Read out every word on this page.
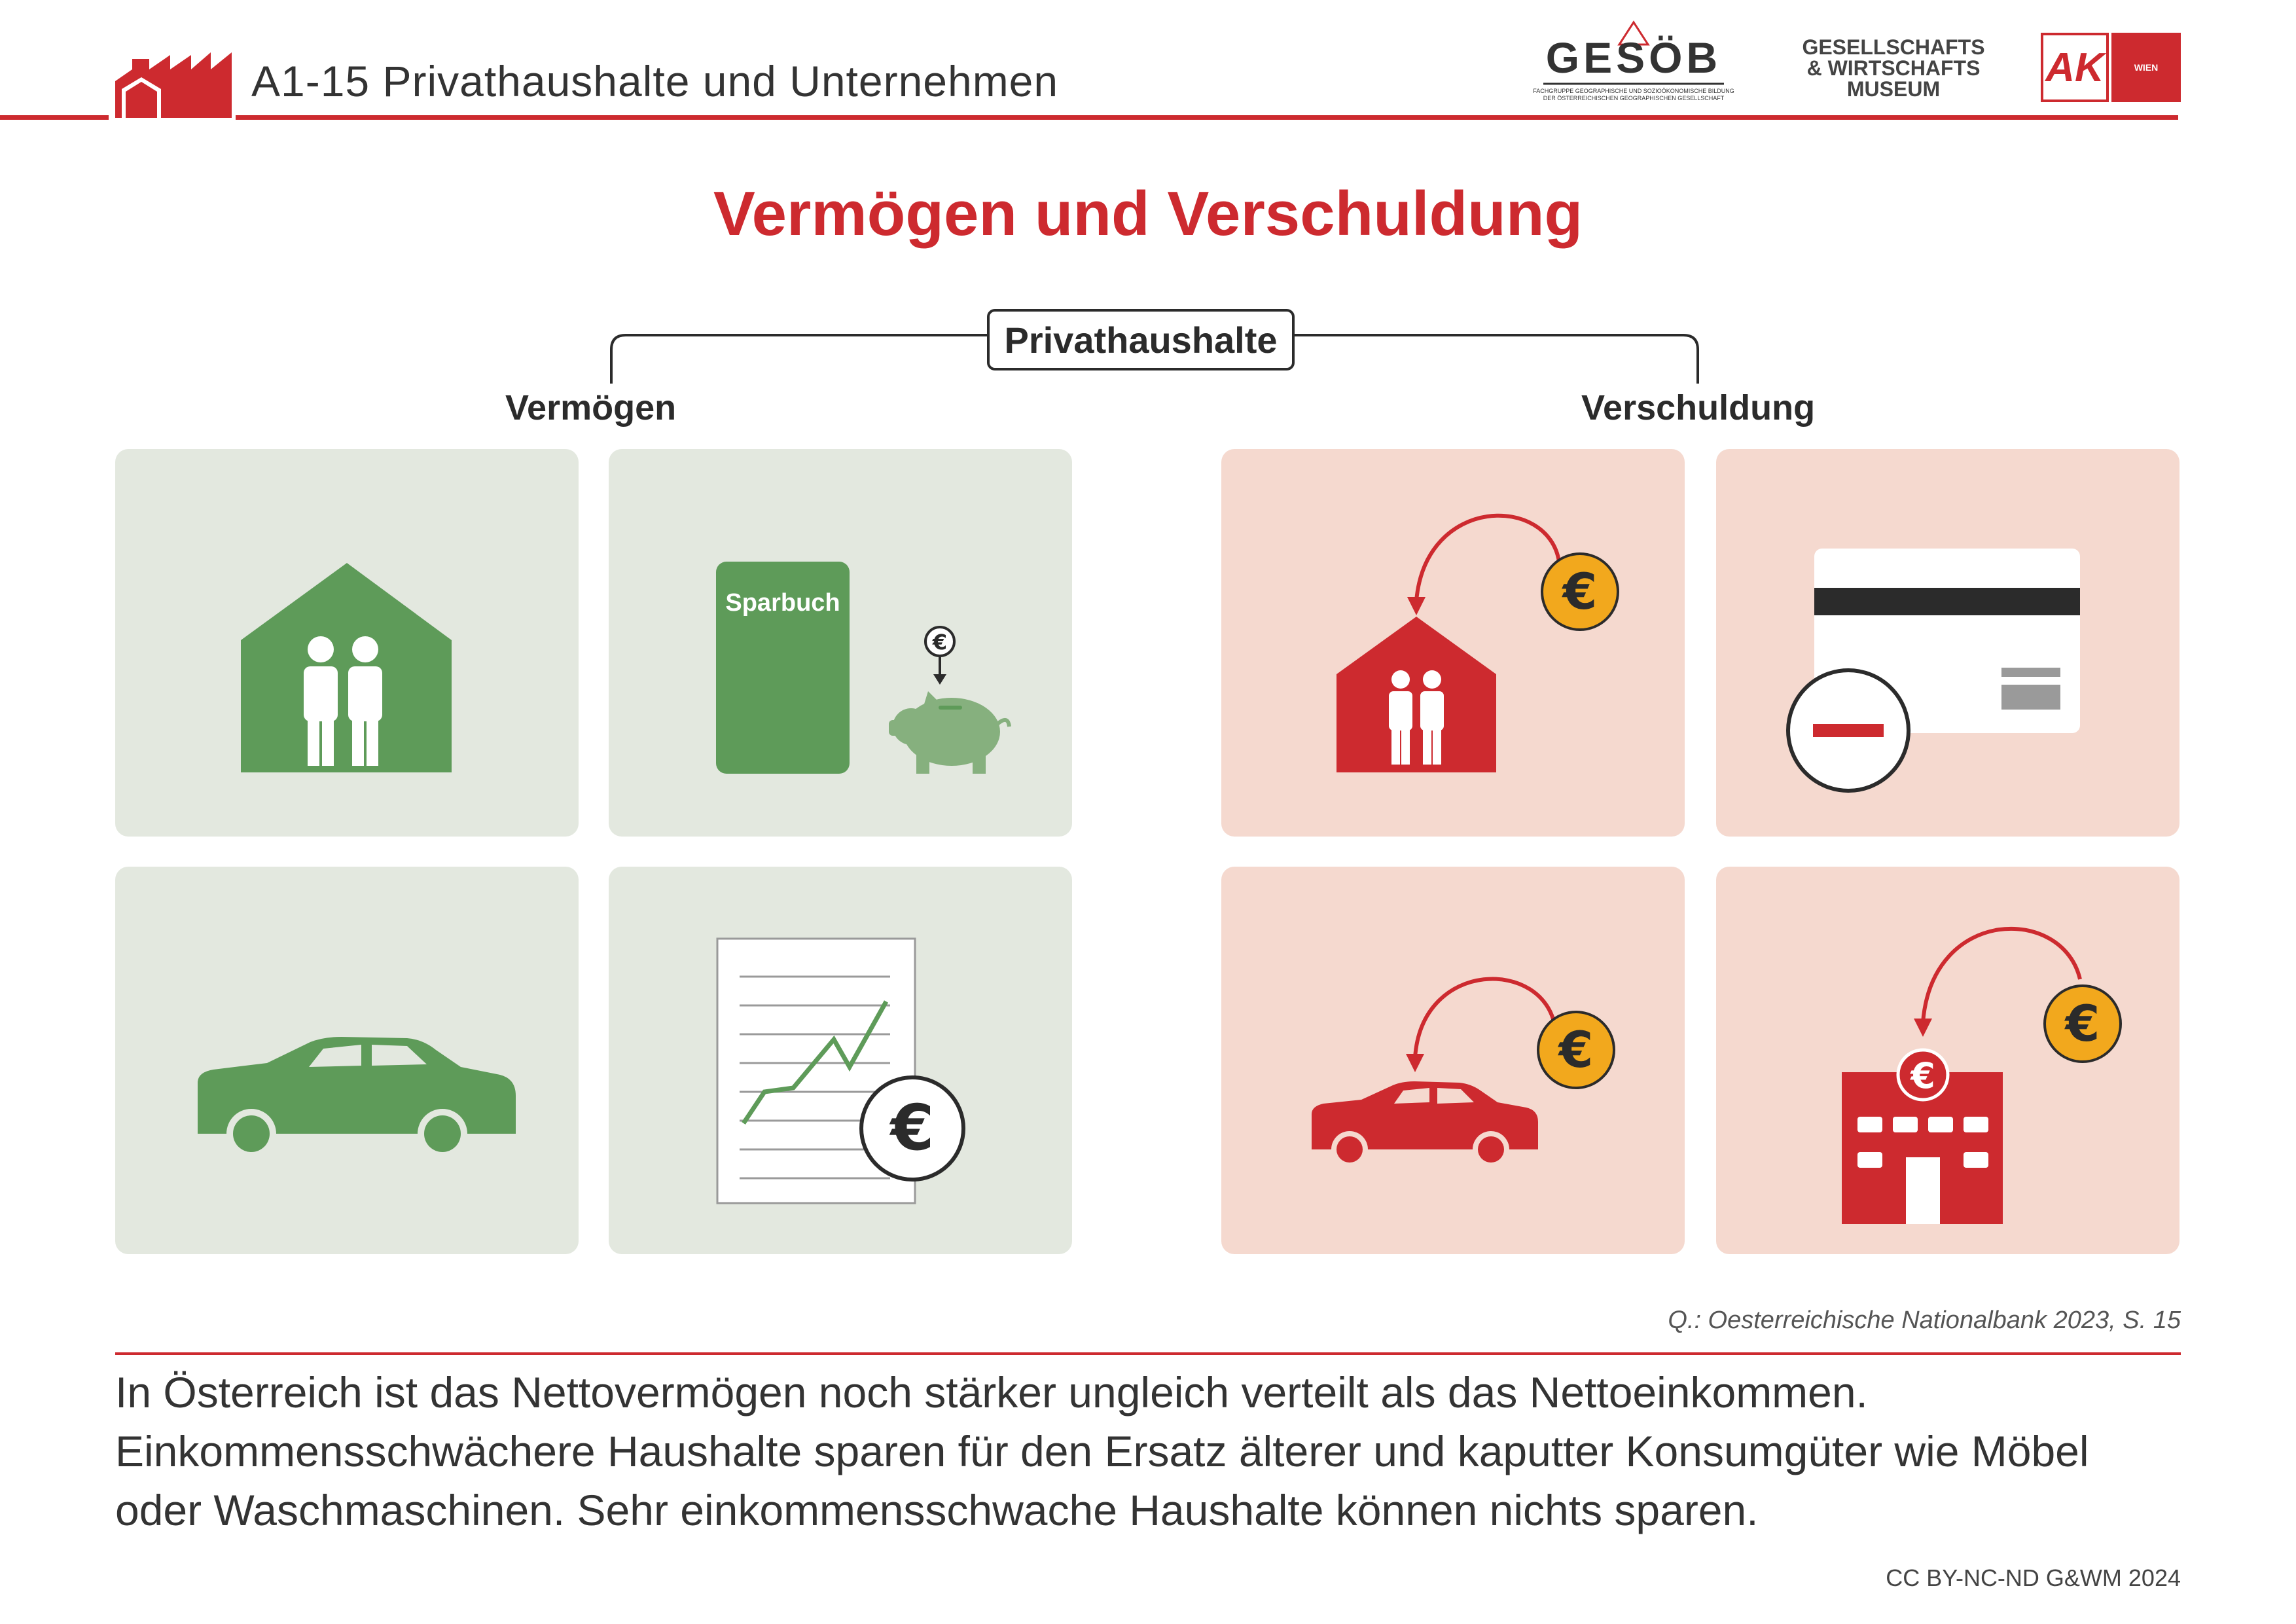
A1-15 Privathaushalte und Unternehmen	GESÖB
FACHGRUPPE GEOGRAPHISCHE UND SOZIOÖKONOMISCHE BILDUNG DER ÖSTERREICHISCHEN GEOGRAPHISCHEN GESELLSCHAFT
GESELLSCHAFTS
& WIRTSCHAFTS
MUSEUM	AK	WIEN
Vermögen und Verschuldung
Privathaushalte
Vermögen	Verschuldung
€
Sparbuch	€
€
€	€
€
Q.: Oesterreichische Nationalbank 2023, S. 15
In Österreich ist das Nettovermögen noch stärker ungleich verteilt als das Nettoeinkommen. Einkommensschwächere Haushalte sparen für den Ersatz älterer und kaputter Konsumgüter wie Möbel oder Waschmaschinen. Sehr einkommensschwache Haushalte können nichts sparen.
CC BY-NC-ND G&WM 2024
